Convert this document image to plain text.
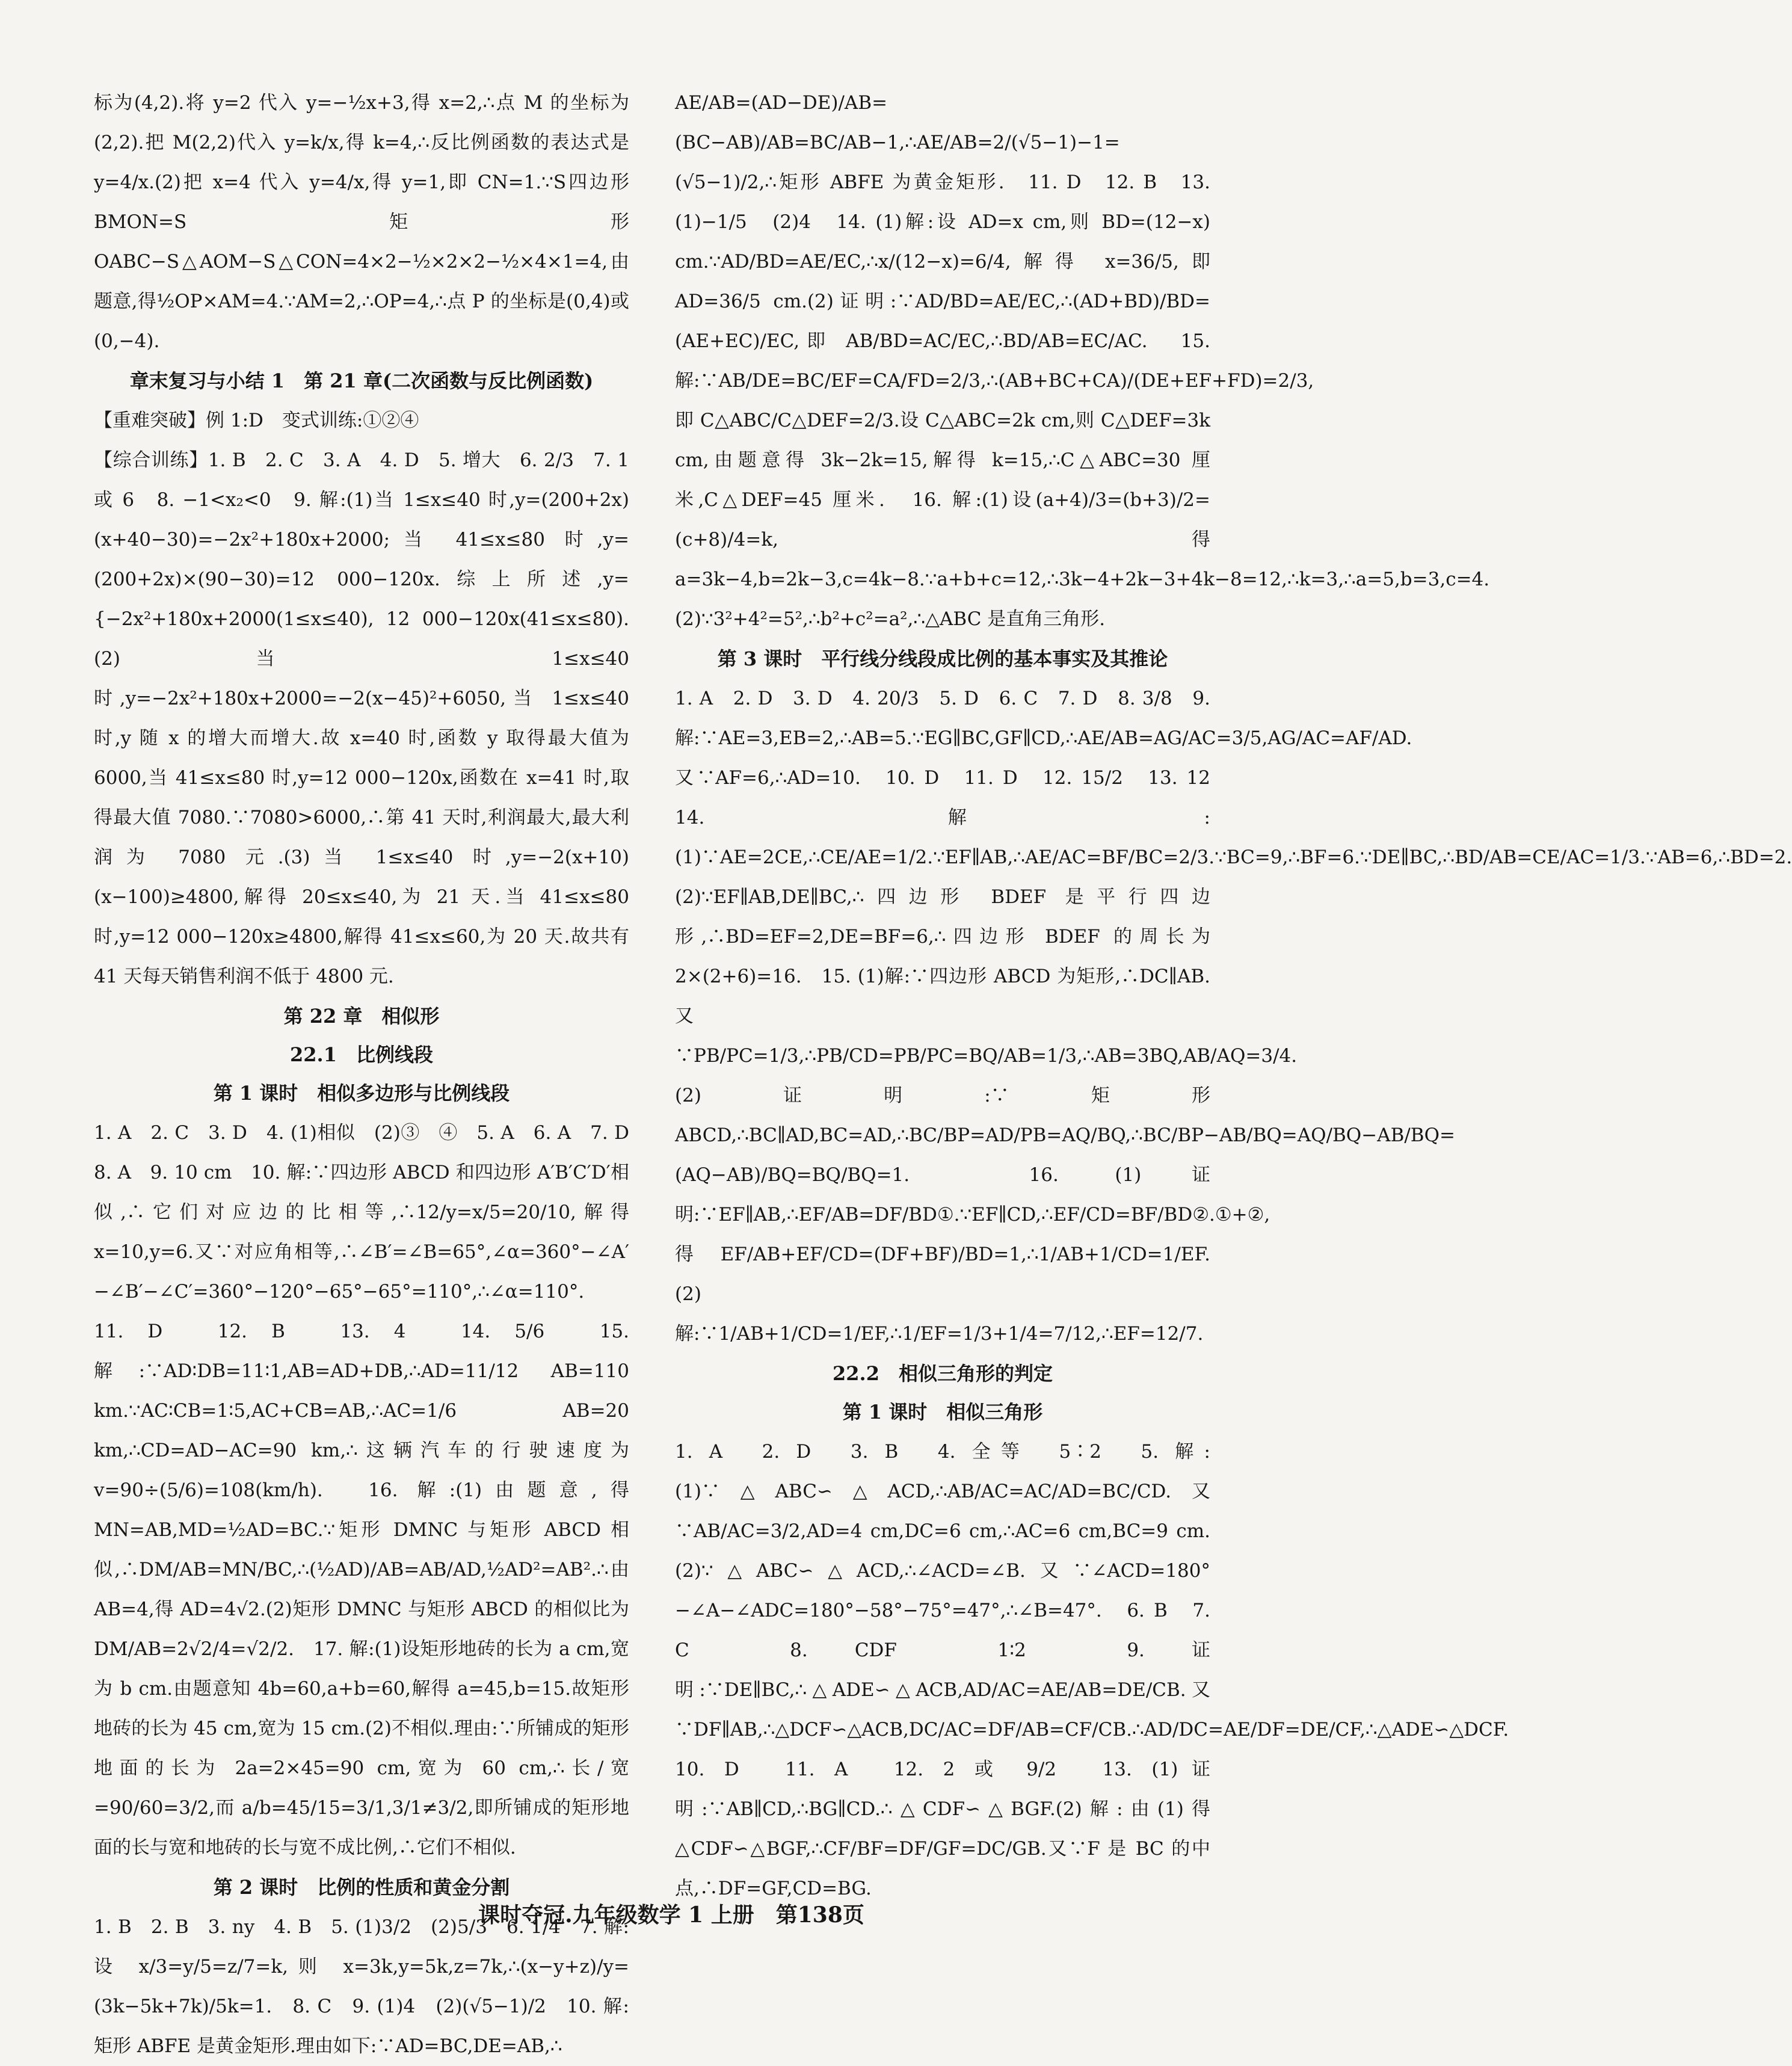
标为(4,2).将 y=2 代入 y=−½x+3,得 x=2,∴点 M 的坐标为(2,2).把 M(2,2)代入 y=k/x,得 k=4,∴反比例函数的表达式是 y=4/x.(2)把 x=4 代入 y=4/x,得 y=1,即 CN=1.∵S四边形BMON=S矩形OABC−S△AOM−S△CON=4×2−½×2×2−½×4×1=4,由题意,得½OP×AM=4.∵AM=2,∴OP=4,∴点 P 的坐标是(0,4)或(0,−4).
章末复习与小结 1　第 21 章(二次函数与反比例函数)
【重难突破】例 1:D　变式训练:①②④
【综合训练】1. B　2. C　3. A　4. D　5. 增大　6. 2/3　7. 1 或 6　8. −1<x₂<0　9. 解:(1)当 1≤x≤40 时,y=(200+2x)(x+40−30)=−2x²+180x+2000;当 41≤x≤80 时,y=(200+2x)×(90−30)=12 000−120x.综上所述,y={−2x²+180x+2000(1≤x≤40), 12 000−120x(41≤x≤80).(2)当 1≤x≤40 时,y=−2x²+180x+2000=−2(x−45)²+6050,当 1≤x≤40 时,y 随 x 的增大而增大.故 x=40 时,函数 y 取得最大值为 6000,当 41≤x≤80 时,y=12 000−120x,函数在 x=41 时,取得最大值 7080.∵7080>6000,∴第 41 天时,利润最大,最大利润为 7080 元.(3)当 1≤x≤40 时,y=−2(x+10)(x−100)≥4800,解得 20≤x≤40,为 21 天.当 41≤x≤80 时,y=12 000−120x≥4800,解得 41≤x≤60,为 20 天.故共有 41 天每天销售利润不低于 4800 元.
第 22 章　相似形
22.1　比例线段
第 1 课时　相似多边形与比例线段
1. A　2. C　3. D　4. (1)相似　(2)③　④　5. A　6. A　7. D　8. A　9. 10 cm　10. 解:∵四边形 ABCD 和四边形 A′B′C′D′相似,∴它们对应边的比相等,∴12/y=x/5=20/10,解得 x=10,y=6.又∵对应角相等,∴∠B′=∠B=65°,∠α=360°−∠A′−∠B′−∠C′=360°−120°−65°−65°=110°,∴∠α=110°.　11. D　12. B　13. 4　14. 5/6　15. 解:∵AD∶DB=11∶1,AB=AD+DB,∴AD=11/12 AB=110 km.∵AC∶CB=1∶5,AC+CB=AB,∴AC=1/6 AB=20 km,∴CD=AD−AC=90 km,∴这辆汽车的行驶速度为 v=90÷(5/6)=108(km/h).　16. 解:(1)由题意,得 MN=AB,MD=½AD=BC.∵矩形 DMNC 与矩形 ABCD 相似,∴DM/AB=MN/BC,∴(½AD)/AB=AB/AD,½AD²=AB².∴由 AB=4,得 AD=4√2.(2)矩形 DMNC 与矩形 ABCD 的相似比为 DM/AB=2√2/4=√2/2.　17. 解:(1)设矩形地砖的长为 a cm,宽为 b cm.由题意知 4b=60,a+b=60,解得 a=45,b=15.故矩形地砖的长为 45 cm,宽为 15 cm.(2)不相似.理由:∵所铺成的矩形地面的长为 2a=2×45=90 cm,宽为 60 cm,∴长/宽=90/60=3/2,而 a/b=45/15=3/1,3/1≠3/2,即所铺成的矩形地面的长与宽和地砖的长与宽不成比例,∴它们不相似.
第 2 课时　比例的性质和黄金分割
1. B　2. B　3. ny　4. B　5. (1)3/2　(2)5/3　6. 1/4　7. 解:设 x/3=y/5=z/7=k,则 x=3k,y=5k,z=7k,∴(x−y+z)/y=(3k−5k+7k)/5k=1.　8. C　9. (1)4　(2)(√5−1)/2　10. 解:矩形 ABFE 是黄金矩形.理由如下:∵AD=BC,DE=AB,∴
AE/AB=(AD−DE)/AB=(BC−AB)/AB=BC/AB−1,∴AE/AB=2/(√5−1)−1=(√5−1)/2,∴矩形 ABFE 为黄金矩形.　11. D　12. B　13. (1)−1/5　(2)4　14. (1)解:设 AD=x cm,则 BD=(12−x) cm.∵AD/BD=AE/EC,∴x/(12−x)=6/4,解得 x=36/5,即 AD=36/5 cm.(2)证明:∵AD/BD=AE/EC,∴(AD+BD)/BD=(AE+EC)/EC,即 AB/BD=AC/EC,∴BD/AB=EC/AC.　15. 解:∵AB/DE=BC/EF=CA/FD=2/3,∴(AB+BC+CA)/(DE+EF+FD)=2/3,即 C△ABC/C△DEF=2/3.设 C△ABC=2k cm,则 C△DEF=3k cm,由题意得 3k−2k=15,解得 k=15,∴C△ABC=30 厘米,C△DEF=45 厘米.　16. 解:(1)设(a+4)/3=(b+3)/2=(c+8)/4=k,得 a=3k−4,b=2k−3,c=4k−8.∵a+b+c=12,∴3k−4+2k−3+4k−8=12,∴k=3,∴a=5,b=3,c=4.(2)∵3²+4²=5²,∴b²+c²=a²,∴△ABC 是直角三角形.
第 3 课时　平行线分线段成比例的基本事实及其推论
1. A　2. D　3. D　4. 20/3　5. D　6. C　7. D　8. 3/8　9. 解:∵AE=3,EB=2,∴AB=5.∵EG∥BC,GF∥CD,∴AE/AB=AG/AC=3/5,AG/AC=AF/AD.又∵AF=6,∴AD=10.　10. D　11. D　12. 15/2　13. 12　14. 解:(1)∵AE=2CE,∴CE/AE=1/2.∵EF∥AB,∴AE/AC=BF/BC=2/3.∵BC=9,∴BF=6.∵DE∥BC,∴BD/AB=CE/AC=1/3.∵AB=6,∴BD=2.(2)∵EF∥AB,DE∥BC,∴四边形 BDEF 是平行四边形,∴BD=EF=2,DE=BF=6,∴四边形 BDEF 的周长为 2×(2+6)=16.　15. (1)解:∵四边形 ABCD 为矩形,∴DC∥AB.又∵PB/PC=1/3,∴PB/CD=PB/PC=BQ/AB=1/3,∴AB=3BQ,AB/AQ=3/4.(2)证明:∵矩形 ABCD,∴BC∥AD,BC=AD,∴BC/BP=AD/PB=AQ/BQ,∴BC/BP−AB/BQ=AQ/BQ−AB/BQ=(AQ−AB)/BQ=BQ/BQ=1.　16. (1)证明:∵EF∥AB,∴EF/AB=DF/BD①.∵EF∥CD,∴EF/CD=BF/BD②.①+②,得 EF/AB+EF/CD=(DF+BF)/BD=1,∴1/AB+1/CD=1/EF.(2)解:∵1/AB+1/CD=1/EF,∴1/EF=1/3+1/4=7/12,∴EF=12/7.
22.2　相似三角形的判定
第 1 课时　相似三角形
1. A　2. D　3. B　4. 全等　5∶2　5. 解:(1)∵△ABC∽△ACD,∴AB/AC=AC/AD=BC/CD.又∵AB/AC=3/2,AD=4 cm,DC=6 cm,∴AC=6 cm,BC=9 cm.(2)∵△ABC∽△ACD,∴∠ACD=∠B.又∵∠ACD=180°−∠A−∠ADC=180°−58°−75°=47°,∴∠B=47°.　6. B　7. C　8. CDF　1∶2　9. 证明:∵DE∥BC,∴△ADE∽△ACB,AD/AC=AE/AB=DE/CB.又∵DF∥AB,∴△DCF∽△ACB,DC/AC=DF/AB=CF/CB.∴AD/DC=AE/DF=DE/CF,∴△ADE∽△DCF.　10. D　11. A　12. 2 或 9/2　13. (1)证明:∵AB∥CD,∴BG∥CD.∴△CDF∽△BGF.(2)解:由(1)得△CDF∽△BGF,∴CF/BF=DF/GF=DC/GB.又∵F 是 BC 的中点,∴DF=GF,CD=BG.
课时夺冠.九年级数学 1 上册　第138页
